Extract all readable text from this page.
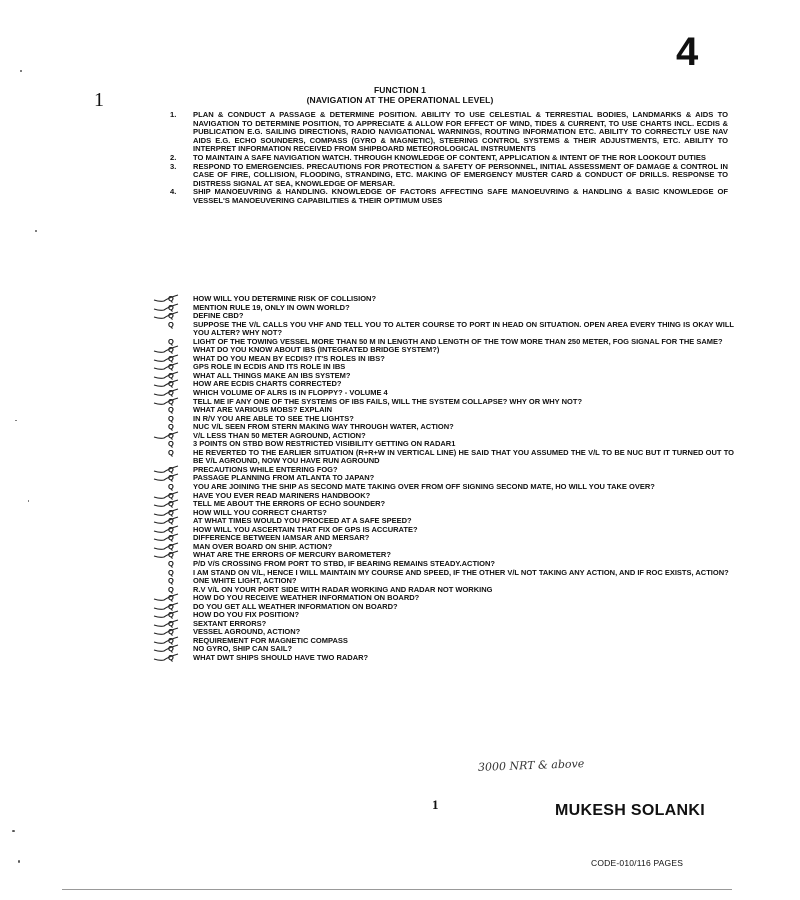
4
1	FUNCTION 1
(NAVIGATION AT THE OPERATIONAL LEVEL)
1. PLAN & CONDUCT A PASSAGE & DETERMINE POSITION. ABILITY TO USE CELESTIAL & TERRESTIAL BODIES, LANDMARKS & AIDS TO NAVIGATION TO DETERMINE POSITION, TO APPRECIATE & ALLOW FOR EFFECT OF WIND, TIDES & CURRENT, TO USE CHARTS INCL. ECDIS & PUBLICATION E.G. SAILING DIRECTIONS, RADIO NAVIGATIONAL WARNINGS, ROUTING INFORMATION ETC. ABILITY TO CORRECTLY USE NAV AIDS E.G. ECHO SOUNDERS, COMPASS (GYRO & MAGNETIC), STEERING CONTROL SYSTEMS & THEIR ADJUSTMENTS, ETC. ABILITY TO INTERPRET INFORMATION RECEIVED FROM SHIPBOARD METEOROLOGICAL INSTRUMENTS
2. TO MAINTAIN A SAFE NAVIGATION WATCH. THROUGH KNOWLEDGE OF CONTENT, APPLICATION & INTENT OF THE ROR LOOKOUT DUTIES
3. RESPOND TO EMERGENCIES. PRECAUTIONS FOR PROTECTION & SAFETY OF PERSONNEL, INITIAL ASSESSMENT OF DAMAGE & CONTROL IN CASE OF FIRE, COLLISION, FLOODING, STRANDING, ETC. MAKING OF EMERGENCY MUSTER CARD & CONDUCT OF DRILLS. RESPONSE TO DISTRESS SIGNAL AT SEA, KNOWLEDGE OF MERSAR.
4. SHIP MANOEUVRING & HANDLING. KNOWLEDGE OF FACTORS AFFECTING SAFE MANOEUVRING & HANDLING & BASIC KNOWLEDGE OF VESSEL'S MANOEUVERING CAPABILITIES & THEIR OPTIMUM USES
Q	HOW WILL YOU DETERMINE RISK OF COLLISION?
Q	MENTION RULE 19, ONLY IN OWN WORLD?
Q	DEFINE CBD?
Q	SUPPOSE THE V/L CALLS YOU VHF AND TELL YOU TO ALTER COURSE TO PORT IN HEAD ON SITUATION. OPEN AREA EVERY THING IS OKAY WILL YOU ALTER? WHY NOT?
Q	LIGHT OF THE TOWING VESSEL MORE THAN 50 M IN LENGTH AND LENGTH OF THE TOW MORE THAN 250 METER, FOG SIGNAL FOR THE SAME?
Q	WHAT DO YOU KNOW ABOUT IBS (INTEGRATED BRIDGE SYSTEM?)
Q	WHAT DO YOU MEAN BY ECDIS? IT'S ROLES IN IBS?
Q	GPS ROLE IN ECDIS AND ITS ROLE IN IBS
Q	WHAT ALL THINGS MAKE AN IBS SYSTEM?
Q	HOW ARE ECDIS CHARTS CORRECTED?
Q	WHICH VOLUME OF ALRS IS IN FLOPPY? - VOLUME 4
Q	TELL ME IF ANY ONE OF THE SYSTEMS OF IBS FAILS, WILL THE SYSTEM COLLAPSE? WHY OR WHY NOT?
Q	WHAT ARE VARIOUS MOBS? EXPLAIN
Q	IN R/V YOU ARE ABLE TO SEE THE LIGHTS?
Q	NUC V/L SEEN FROM STERN MAKING WAY THROUGH WATER, ACTION?
Q	V/L LESS THAN 50 METER AGROUND, ACTION?
Q	3 POINTS ON STBD BOW RESTRICTED VISIBILITY GETTING ON RADAR1
Q	HE REVERTED TO THE EARLIER SITUATION (R+R+W IN VERTICAL LINE) HE SAID THAT YOU ASSUMED THE V/L TO BE NUC BUT IT TURNED OUT TO BE V/L AGROUND, NOW YOU HAVE RUN AGROUND
Q	PRECAUTIONS WHILE ENTERING FOG?
Q	PASSAGE PLANNING FROM ATLANTA TO JAPAN?
Q	YOU ARE JOINING THE SHIP AS SECOND MATE TAKING OVER FROM OFF SIGNING SECOND MATE, HO WILL YOU TAKE OVER?
Q	HAVE YOU EVER READ MARINERS HANDBOOK?
Q	TELL ME ABOUT THE ERRORS OF ECHO SOUNDER?
Q	HOW WILL YOU CORRECT CHARTS?
Q	AT WHAT TIMES WOULD YOU PROCEED AT A SAFE SPEED?
Q	HOW WILL YOU ASCERTAIN THAT FIX OF GPS IS ACCURATE?
Q	DIFFERENCE BETWEEN IAMSAR AND MERSAR?
Q	MAN OVER BOARD ON SHIP. ACTION?
Q	WHAT ARE THE ERRORS OF MERCURY BAROMETER?
Q	P/D V/S CROSSING FROM PORT TO STBD, IF BEARING REMAINS STEADY.ACTION?
Q	I AM STAND ON V/L, HENCE I WILL MAINTAIN MY COURSE AND SPEED, IF THE OTHER V/L NOT TAKING ANY ACTION, AND IF ROC EXISTS, ACTION?
Q	ONE WHITE LIGHT, ACTION?
Q	R.V V/L ON YOUR PORT SIDE WITH RADAR WORKING AND RADAR NOT WORKING
Q	HOW DO YOU RECEIVE WEATHER INFORMATION ON BOARD?
Q	DO YOU GET ALL WEATHER INFORMATION ON BOARD?
Q	HOW DO YOU FIX POSITION?
Q	SEXTANT ERRORS?
Q	VESSEL AGROUND, ACTION?
Q	REQUIREMENT FOR MAGNETIC COMPASS
Q	NO GYRO, SHIP CAN SAIL?
Q	WHAT DWT SHIPS SHOULD HAVE TWO RADAR?
3000 NRT & above
1	MUKESH SOLANKI
CODE-010/116 PAGES
